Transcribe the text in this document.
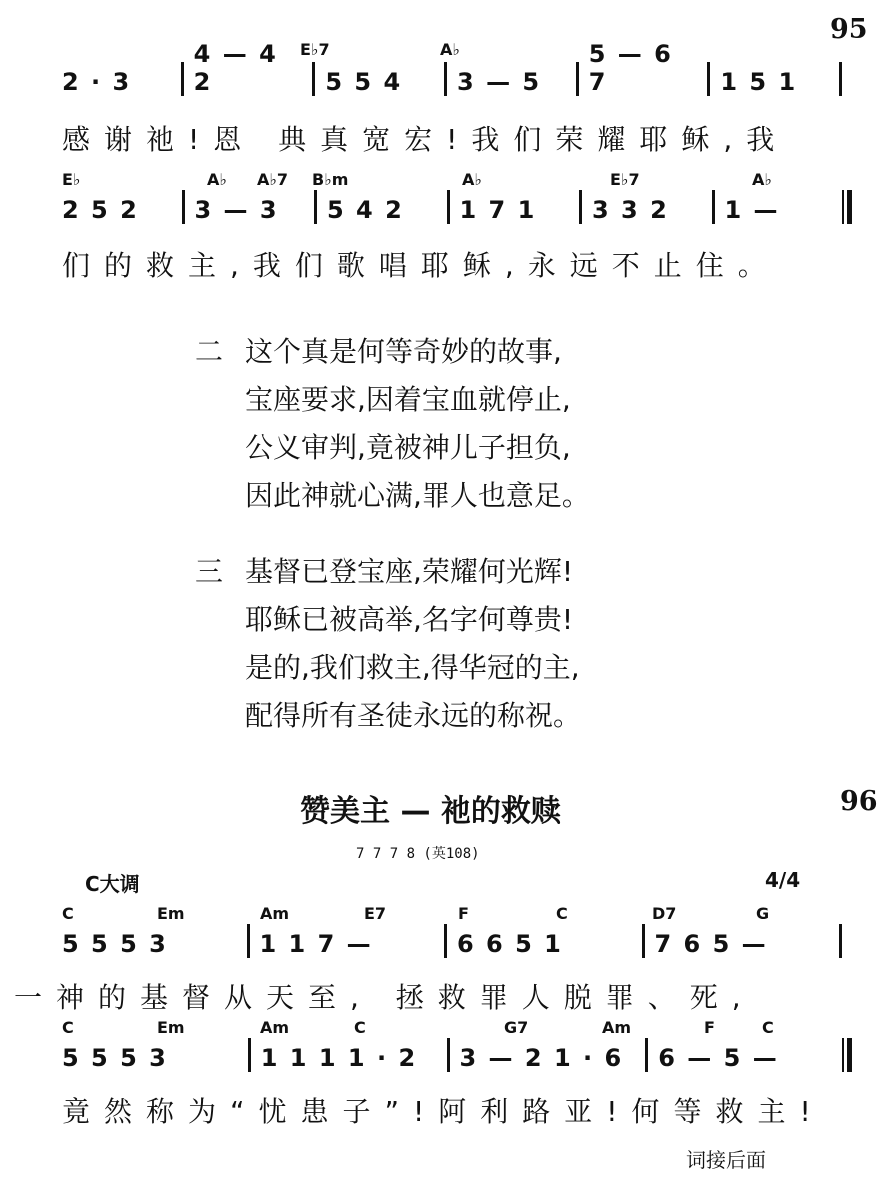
95
E♭7	A♭
2 · 3
4 — 4 2	5 5 4	3 — 5
5 — 6 7	1 5 1
感谢祂!恩 典真宽宏!我们荣耀耶稣,我
E♭	A♭ A♭7 B♭m	A♭	E♭7	A♭
2 5 2	3 — 3	5 4 2	1 7 1	3 3 2	1 —
们的救主,我们歌唱耶稣,永远不止住。
二 这个真是何等奇妙的故事,
宝座要求,因着宝血就停止,
公义审判,竟被神儿子担负,
因此神就心满,罪人也意足。
三 基督已登宝座,荣耀何光辉!
耶稣已被高举,名字何尊贵!
是的,我们救主,得华冠的主,
配得所有圣徒永远的称祝。
赞美主 — 祂的救赎	96
7 7 7 8 (英108)
C大调	4/4
C	Em	Am	E7	F	C	D7	G
5 5 5 3	1 1 7 —	6 6 5 1	7 6 5 —
一神的基督从天至, 拯救罪人脱罪、死,
C	Em	Am	C	G7	Am	F	C
5 5 5 3	1 1 1 1 · 2	3 — 2 1 · 6	6 — 5 —
竟然称为“忧患子”!阿利路亚!何等救主!
词接后面
